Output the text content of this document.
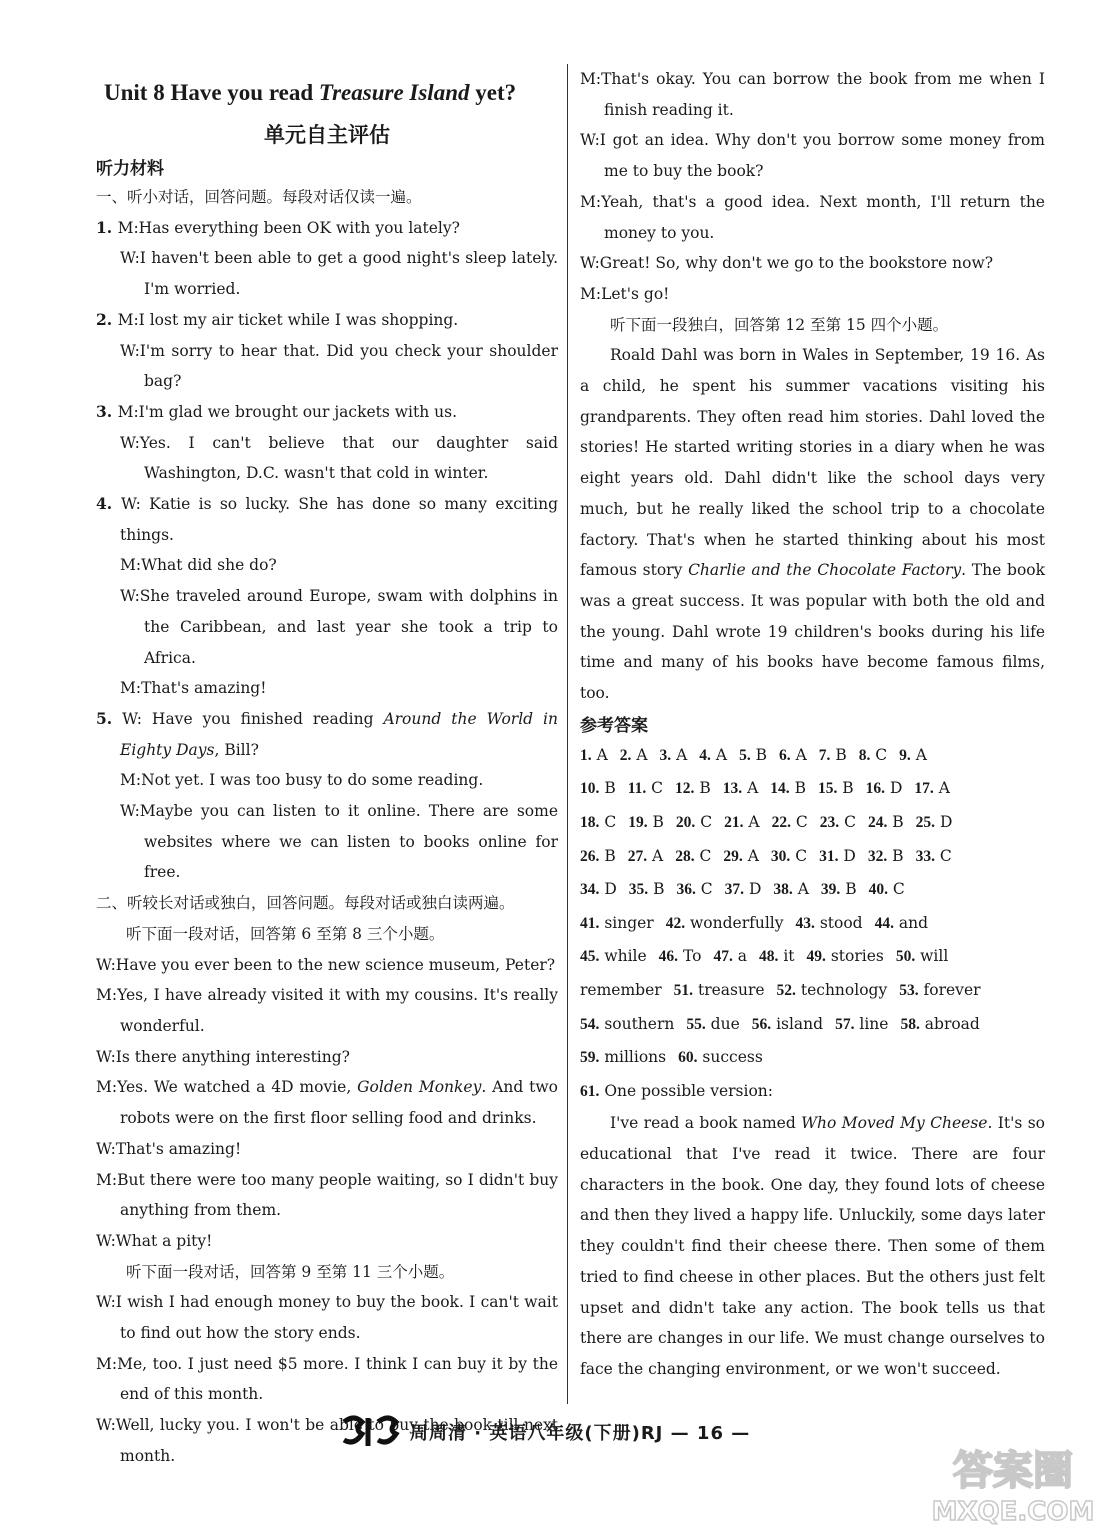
Unit 8 Have you read Treasure Island yet?
单元自主评估
听力材料
一、听小对话，回答问题。每段对话仅读一遍。
1. M:Has everything been OK with you lately?
W:I haven't been able to get a good night's sleep lately. I'm worried.
2. M:I lost my air ticket while I was shopping.
W:I'm sorry to hear that. Did you check your shoulder bag?
3. M:I'm glad we brought our jackets with us.
W:Yes. I can't believe that our daughter said Washington, D.C. wasn't that cold in winter.
4. W: Katie is so lucky. She has done so many exciting things.
M:What did she do?
W:She traveled around Europe, swam with dolphins in the Caribbean, and last year she took a trip to Africa.
M:That's amazing!
5. W: Have you finished reading Around the World in Eighty Days, Bill?
M:Not yet. I was too busy to do some reading.
W:Maybe you can listen to it online. There are some websites where we can listen to books online for free.
二、听较长对话或独白，回答问题。每段对话或独白读两遍。
听下面一段对话，回答第 6 至第 8 三个小题。
W:Have you ever been to the new science museum, Peter?
M:Yes, I have already visited it with my cousins. It's really wonderful.
W:Is there anything interesting?
M:Yes. We watched a 4D movie, Golden Monkey. And two robots were on the first floor selling food and drinks.
W:That's amazing!
M:But there were too many people waiting, so I didn't buy anything from them.
W:What a pity!
听下面一段对话，回答第 9 至第 11 三个小题。
W:I wish I had enough money to buy the book. I can't wait to find out how the story ends.
M:Me, too. I just need $5 more. I think I can buy it by the end of this month.
W:Well, lucky you. I won't be able to buy the book till next month.
M:That's okay. You can borrow the book from me when I finish reading it.
W:I got an idea. Why don't you borrow some money from me to buy the book?
M:Yeah, that's a good idea. Next month, I'll return the money to you.
W:Great! So, why don't we go to the bookstore now?
M:Let's go!
听下面一段独白，回答第 12 至第 15 四个小题。
Roald Dahl was born in Wales in September, 19 16. As a child, he spent his summer vacations visiting his grandparents. They often read him stories. Dahl loved the stories! He started writing stories in a diary when he was eight years old. Dahl didn't like the school days very much, but he really liked the school trip to a chocolate factory. That's when he started thinking about his most famous story Charlie and the Chocolate Factory. The book was a great success. It was popular with both the old and the young. Dahl wrote 19 children's books during his life time and many of his books have become famous films, too.
参考答案
1. A 2. A 3. A 4. A 5. B 6. A 7. B 8. C 9. A
10. B 11. C 12. B 13. A 14. B 15. B 16. D 17. A
18. C 19. B 20. C 21. A 22. C 23. C 24. B 25. D
26. B 27. A 28. C 29. A 30. C 31. D 32. B 33. C
34. D 35. B 36. C 37. D 38. A 39. B 40. C
41. singer 42. wonderfully 43. stood 44. and
45. while 46. To 47. a 48. it 49. stories 50. will
remember 51. treasure 52. technology 53. forever
54. southern 55. due 56. island 57. line 58. abroad
59. millions 60. success
61. One possible version:
I've read a book named Who Moved My Cheese. It's so educational that I've read it twice. There are four characters in the book. One day, they found lots of cheese and then they lived a happy life. Unluckily, some days later they couldn't find their cheese there. Then some of them tried to find cheese in other places. But the others just felt upset and didn't take any action. The book tells us that there are changes in our life. We must change ourselves to face the changing environment, or we won't succeed.
周周清 · 英语八年级(下册)RJ — 16 —
答案圈
MXQE.COM
